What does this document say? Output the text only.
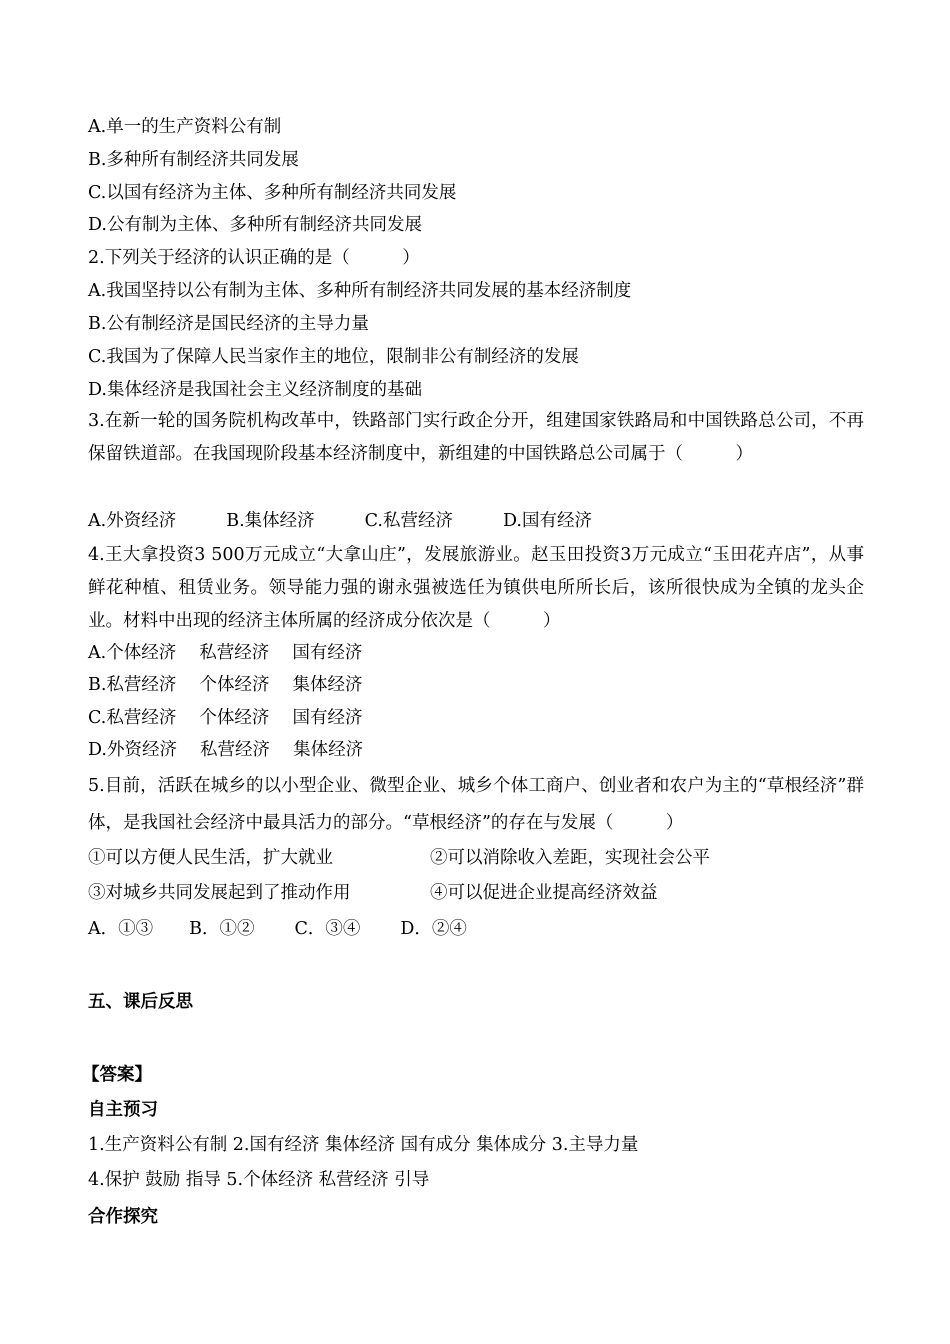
A.单一的生产资料公有制
B.多种所有制经济共同发展
C.以国有经济为主体、多种所有制经济共同发展
D.公有制为主体、多种所有制经济共同发展
2.下列关于经济的认识正确的是（　　　）
A.我国坚持以公有制为主体、多种所有制经济共同发展的基本经济制度
B.公有制经济是国民经济的主导力量
C.我国为了保障人民当家作主的地位，限制非公有制经济的发展
D.集体经济是我国社会主义经济制度的基础
3.在新一轮的国务院机构改革中，铁路部门实行政企分开，组建国家铁路局和中国铁路总公司，不再保留铁道部。在我国现阶段基本经济制度中，新组建的中国铁路总公司属于（　　　）
A.外资经济	B.集体经济	C.私营经济	D.国有经济
4.王大拿投资3 500万元成立“大拿山庄”，发展旅游业。赵玉田投资3万元成立“玉田花卉店”，从事鲜花种植、租赁业务。领导能力强的谢永强被选任为镇供电所所长后，该所很快成为全镇的龙头企业。材料中出现的经济主体所属的经济成分依次是（　　　）
A.个体经济　 私营经济　 国有经济
B.私营经济　 个体经济　 集体经济
C.私营经济　 个体经济　 国有经济
D.外资经济　 私营经济　 集体经济
5.目前，活跃在城乡的以小型企业、微型企业、城乡个体工商户、创业者和农户为主的“草根经济”群体，是我国社会经济中最具活力的部分。“草根经济”的存在与发展（　　　）
①可以方便人民生活，扩大就业	②可以消除收入差距，实现社会公平
③对城乡共同发展起到了推动作用	④可以促进企业提高经济效益
A．①③ B．①② C．③④ D．②④
五、课后反思
【答案】
自主预习
1.生产资料公有制 2.国有经济 集体经济 国有成分 集体成分 3.主导力量
4.保护 鼓励 指导 5.个体经济 私营经济 引导
合作探究
